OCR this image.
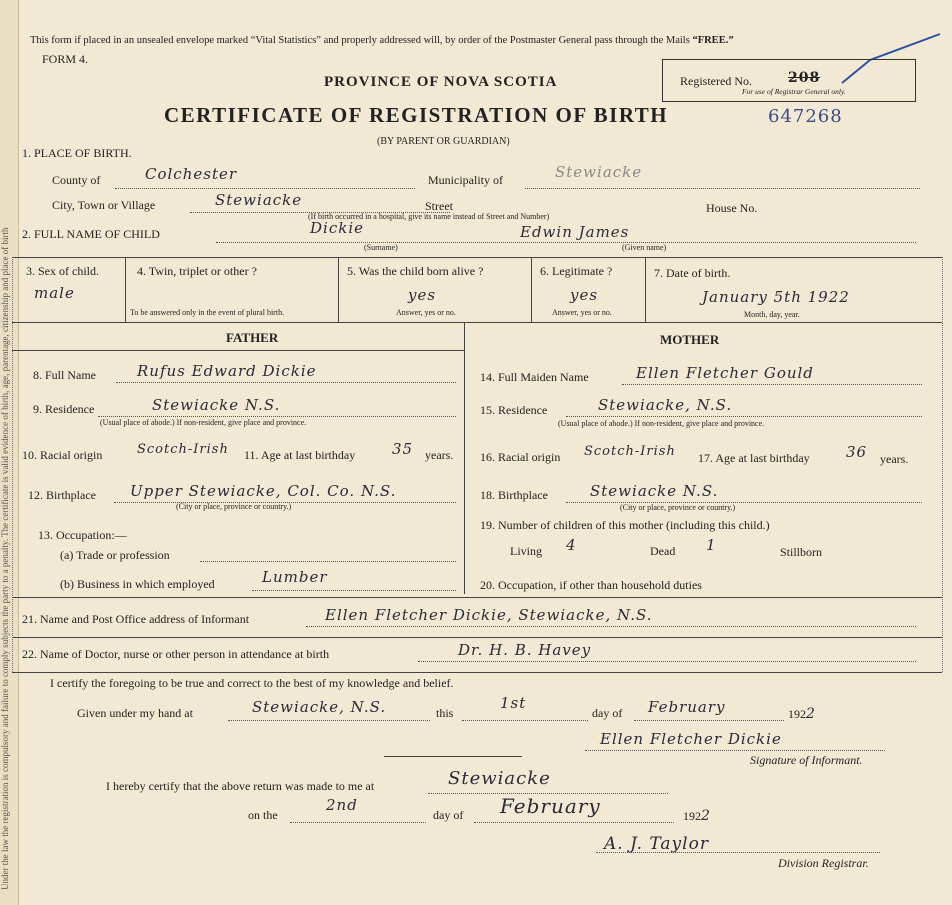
Under the law the registration is compulsory and failure to comply subjects the party to a penalty. The certificate is valid evidence of birth, age, parentage, citizenship and place of birth
This form if placed in an unsealed envelope marked “Vital Statistics” and properly addressed will, by order of the Postmaster General pass through the Mails “FREE.”
FORM 4.
PROVINCE OF NOVA SCOTIA	Registered No.	208
For use of Registrar General only.
CERTIFICATE OF REGISTRATION OF BIRTH	647268
(BY PARENT OR GUARDIAN)
1. PLACE OF BIRTH.
County of	Colchester	Municipality of	Stewiacke
City, Town or Village	Stewiacke	Street	House No.
(If birth occurred in a hospital, give its name instead of Street and Number)
2. FULL NAME OF CHILD	Dickie
(Surname)
Edwin James
(Given name)
3. Sex of child.
male
4. Twin, triplet or other ?
To be answered only in the event of plural birth.
5. Was the child born alive ?
yes
Answer, yes or no.
6. Legitimate ?
yes
Answer, yes or no.
7. Date of birth.
January 5th 1922
Month, day, year.
FATHER	MOTHER
8. Full Name	Rufus Edward Dickie
9. Residence	Stewiacke N.S.
(Usual place of abode.) If non-resident, give place and province.
10. Racial origin	Scotch-Irish 11. Age at last birthday 35 years.
12. Birthplace Upper Stewiacke, Col. Co. N.S.
(City or place, province or country.)
13. Occupation:—
(a) Trade or profession
(b) Business in which employed	Lumber
14. Full Maiden Name	Ellen Fletcher Gould
15. Residence	Stewiacke, N.S.
(Usual place of abode.) If non-resident, give place and province.
16. Racial origin Scotch-Irish 17. Age at last birthday 36 years.
18. Birthplace	Stewiacke N.S.
(City or place, province or country.)
19. Number of children of this mother (including this child.)
Living 4	Dead 1	Stillborn
20. Occupation, if other than household duties
21. Name and Post Office address of Informant	Ellen Fletcher Dickie, Stewiacke, N.S.
22. Name of Doctor, nurse or other person in attendance at birth	Dr. H. B. Havey
I certify the foregoing to be true and correct to the best of my knowledge and belief.
Given under my hand at	Stewiacke, N.S.	this
1st
day of February	1922
Ellen Fletcher Dickie
Signature of Informant.
I hereby certify that the above return was made to me at	Stewiacke
on the
2nd
day of February	1922
A. J. Taylor
Division Registrar.
